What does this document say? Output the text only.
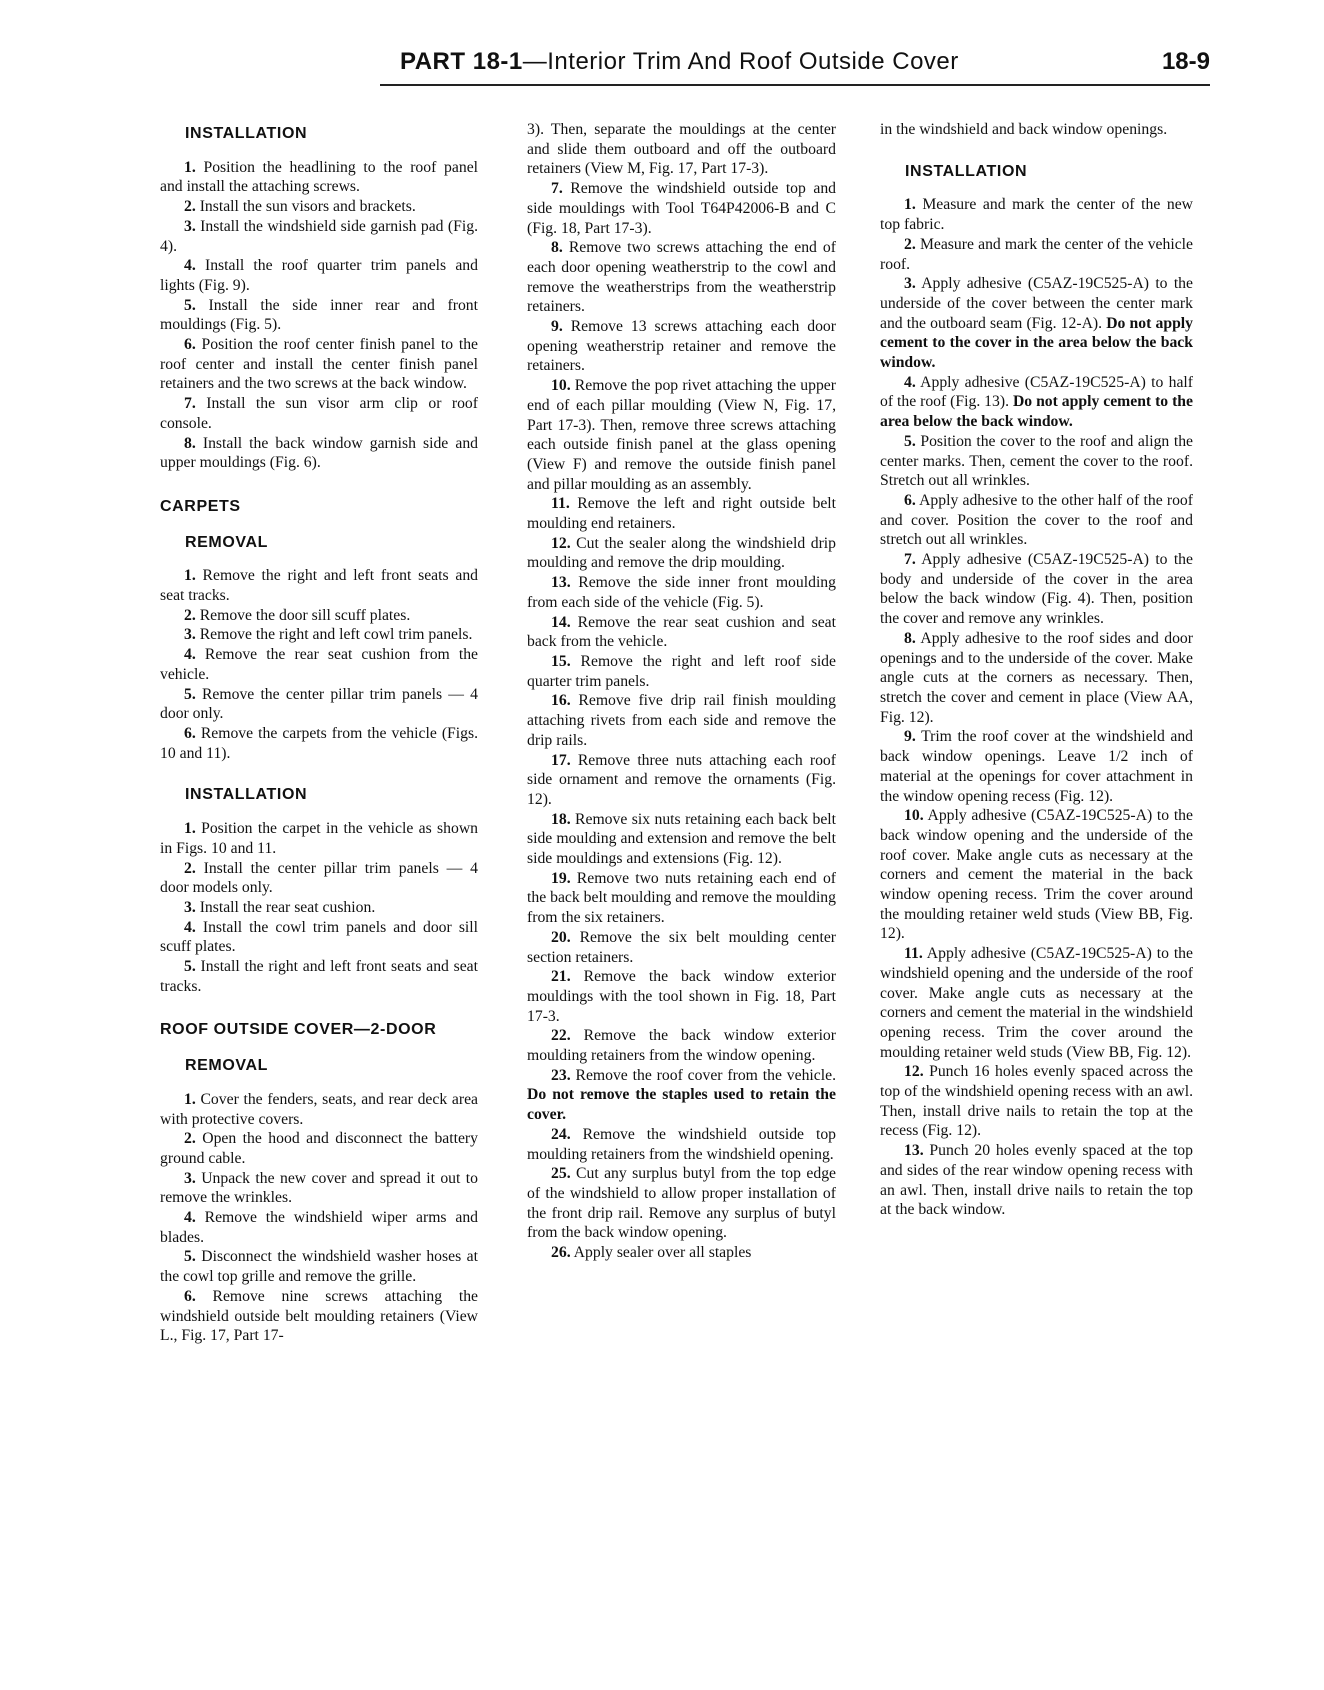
PART 18-1—Interior Trim And Roof Outside Cover	18-9
INSTALLATION

1. Position the headlining to the roof panel and install the attaching screws.

2. Install the sun visors and brackets.

3. Install the windshield side garnish pad (Fig. 4).

4. Install the roof quarter trim panels and lights (Fig. 9).

5. Install the side inner rear and front mouldings (Fig. 5).

6. Position the roof center finish panel to the roof center and install the center finish panel retainers and the two screws at the back window.

7. Install the sun visor arm clip or roof console.

8. Install the back window garnish side and upper mouldings (Fig. 6).

CARPETS
REMOVAL

1. Remove the right and left front seats and seat tracks.

2. Remove the door sill scuff plates.

3. Remove the right and left cowl trim panels.

4. Remove the rear seat cushion from the vehicle.

5. Remove the center pillar trim panels — 4 door only.

6. Remove the carpets from the vehicle (Figs. 10 and 11).

INSTALLATION

1. Position the carpet in the vehicle as shown in Figs. 10 and 11.

2. Install the center pillar trim panels — 4 door models only.

3. Install the rear seat cushion.

4. Install the cowl trim panels and door sill scuff plates.

5. Install the right and left front seats and seat tracks.

ROOF OUTSIDE COVER—2-DOOR
REMOVAL

1. Cover the fenders, seats, and rear deck area with protective covers.

2. Open the hood and disconnect the battery ground cable.

3. Unpack the new cover and spread it out to remove the wrinkles.

4. Remove the windshield wiper arms and blades.

5. Disconnect the windshield washer hoses at the cowl top grille and remove the grille.

6. Remove nine screws attaching the windshield outside belt moulding retainers (View L., Fig. 17, Part 17-

3). Then, separate the mouldings at the center and slide them outboard and off the outboard retainers (View M, Fig. 17, Part 17-3).

7. Remove the windshield outside top and side mouldings with Tool T64P42006-B and C (Fig. 18, Part 17-3).

8. Remove two screws attaching the end of each door opening weatherstrip to the cowl and remove the weatherstrips from the weatherstrip retainers.

9. Remove 13 screws attaching each door opening weatherstrip retainer and remove the retainers.

10. Remove the pop rivet attaching the upper end of each pillar moulding (View N, Fig. 17, Part 17-3). Then, remove three screws attaching each outside finish panel at the glass opening (View F) and remove the outside finish panel and pillar moulding as an assembly.

11. Remove the left and right outside belt moulding end retainers.

12. Cut the sealer along the windshield drip moulding and remove the drip moulding.

13. Remove the side inner front moulding from each side of the vehicle (Fig. 5).

14. Remove the rear seat cushion and seat back from the vehicle.

15. Remove the right and left roof side quarter trim panels.

16. Remove five drip rail finish moulding attaching rivets from each side and remove the drip rails.

17. Remove three nuts attaching each roof side ornament and remove the ornaments (Fig. 12).

18. Remove six nuts retaining each back belt side moulding and extension and remove the belt side mouldings and extensions (Fig. 12).

19. Remove two nuts retaining each end of the back belt moulding and remove the moulding from the six retainers.

20. Remove the six belt moulding center section retainers.

21. Remove the back window exterior mouldings with the tool shown in Fig. 18, Part 17-3.

22. Remove the back window exterior moulding retainers from the window opening.

23. Remove the roof cover from the vehicle. Do not remove the staples used to retain the cover.

24. Remove the windshield outside top moulding retainers from the windshield opening.

25. Cut any surplus butyl from the top edge of the windshield to allow proper installation of the front drip rail. Remove any surplus of butyl from the back window opening.

26. Apply sealer over all staples

in the windshield and back window openings.

INSTALLATION

1. Measure and mark the center of the new top fabric.

2. Measure and mark the center of the vehicle roof.

3. Apply adhesive (C5AZ-19C525-A) to the underside of the cover between the center mark and the outboard seam (Fig. 12-A). Do not apply cement to the cover in the area below the back window.

4. Apply adhesive (C5AZ-19C525-A) to half of the roof (Fig. 13). Do not apply cement to the area below the back window.

5. Position the cover to the roof and align the center marks. Then, cement the cover to the roof. Stretch out all wrinkles.

6. Apply adhesive to the other half of the roof and cover. Position the cover to the roof and stretch out all wrinkles.

7. Apply adhesive (C5AZ-19C525-A) to the body and underside of the cover in the area below the back window (Fig. 4). Then, position the cover and remove any wrinkles.

8. Apply adhesive to the roof sides and door openings and to the underside of the cover. Make angle cuts at the corners as necessary. Then, stretch the cover and cement in place (View AA, Fig. 12).

9. Trim the roof cover at the windshield and back window openings. Leave 1/2 inch of material at the openings for cover attachment in the window opening recess (Fig. 12).

10. Apply adhesive (C5AZ-19C525-A) to the back window opening and the underside of the roof cover. Make angle cuts as necessary at the corners and cement the material in the back window opening recess. Trim the cover around the moulding retainer weld studs (View BB, Fig. 12).

11. Apply adhesive (C5AZ-19C525-A) to the windshield opening and the underside of the roof cover. Make angle cuts as necessary at the corners and cement the material in the windshield opening recess. Trim the cover around the moulding retainer weld studs (View BB, Fig. 12).

12. Punch 16 holes evenly spaced across the top of the windshield opening recess with an awl. Then, install drive nails to retain the top at the recess (Fig. 12).

13. Punch 20 holes evenly spaced at the top and sides of the rear window opening recess with an awl. Then, install drive nails to retain the top at the back window.
